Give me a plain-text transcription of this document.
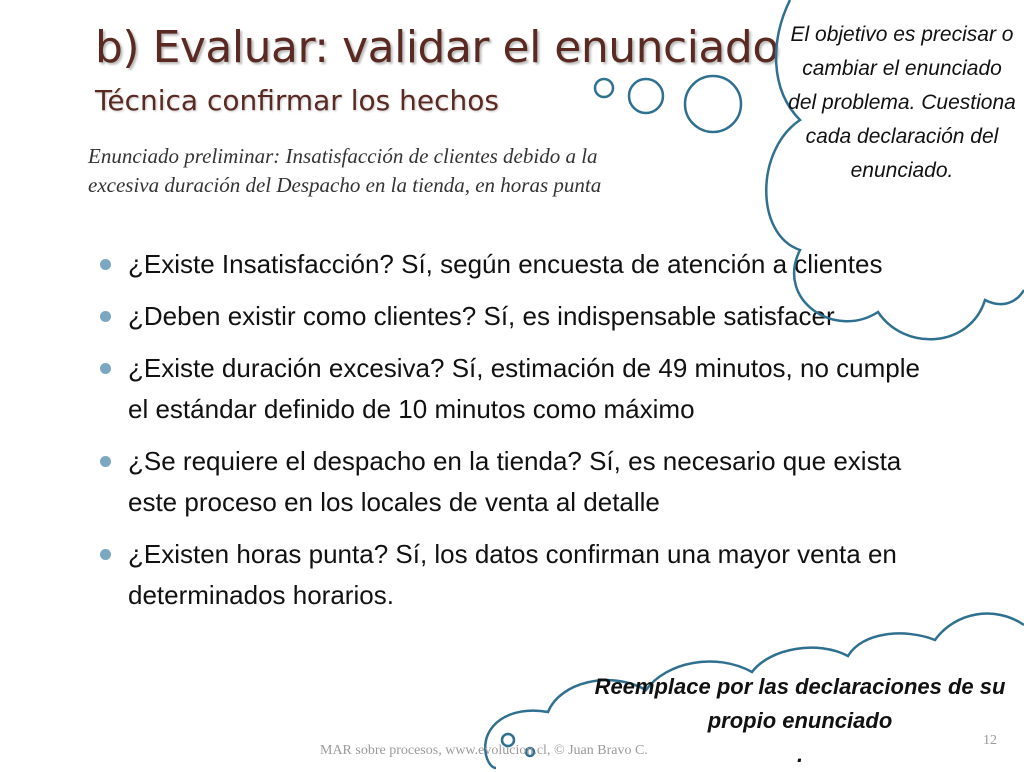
b) Evaluar: validar el enunciado
Técnica confirmar los hechos
Enunciado preliminar: Insatisfacción de clientes debido a la
excesiva duración del Despacho en la tienda, en horas punta
¿Existe Insatisfacción? Sí, según encuesta de atención a clientes
¿Deben existir como clientes? Sí, es indispensable satisfacer
¿Existe duración excesiva? Sí, estimación de 49 minutos, no cumple el estándar definido de 10 minutos como máximo
¿Se requiere el despacho en la tienda? Sí, es necesario que exista este proceso en los locales de venta al detalle
¿Existen horas punta? Sí, los datos confirman una mayor venta en determinados horarios.
El objetivo es precisar o cambiar el enunciado del problema. Cuestiona cada declaración del enunciado.
Reemplace por las declaraciones de su propio enunciado
.
MAR sobre procesos, www.evolucion.cl, © Juan Bravo C.
12
